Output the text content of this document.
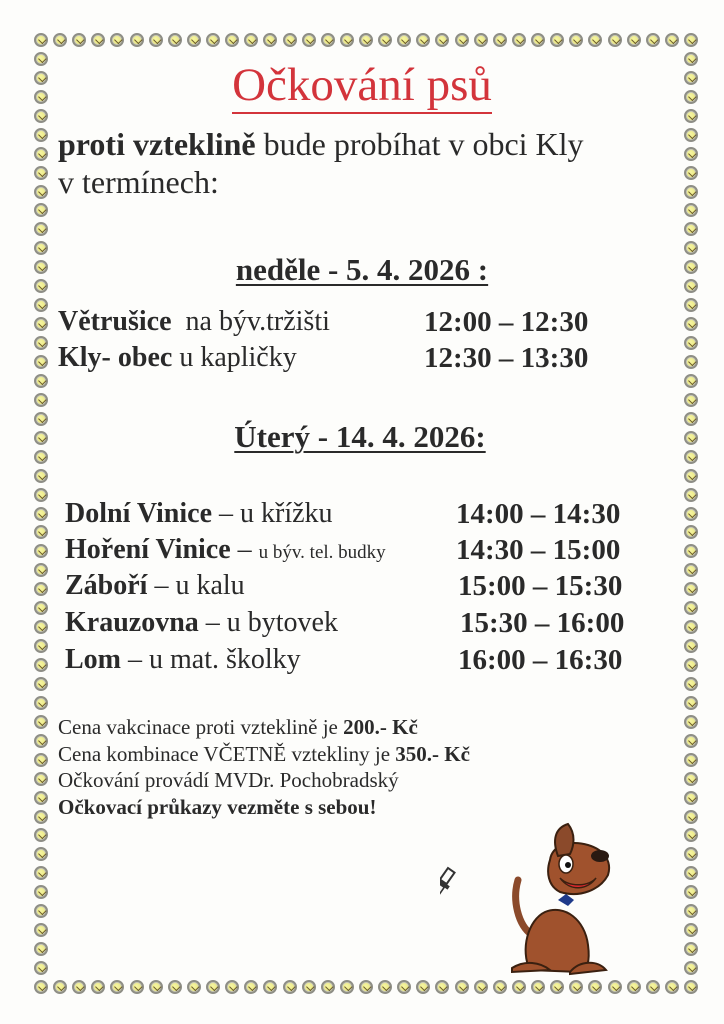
Očkování psů
proti vzteklině bude probíhat v obci Kly
v termínech:
neděle - 5. 4. 2026 :
Větrušice  na býv.tržišti	12:00 – 12:30
Kly- obec u kapličky	12:30 – 13:30
Úterý - 14. 4. 2026:
Dolní Vinice – u křížku	14:00 – 14:30
Hoření Vinice – u býv. tel. budky 14:30 – 15:00
Záboří – u kalu	15:00 – 15:30
Krauzovna – u bytovek	15:30 – 16:00
Lom – u mat. školky	16:00 – 16:30
Cena vakcinace proti vzteklině je 200.- Kč
Cena kombinace VČETNĚ vztekliny je 350.- Kč
Očkování provádí MVDr. Pochobradský
Očkovací průkazy vezměte s sebou!
